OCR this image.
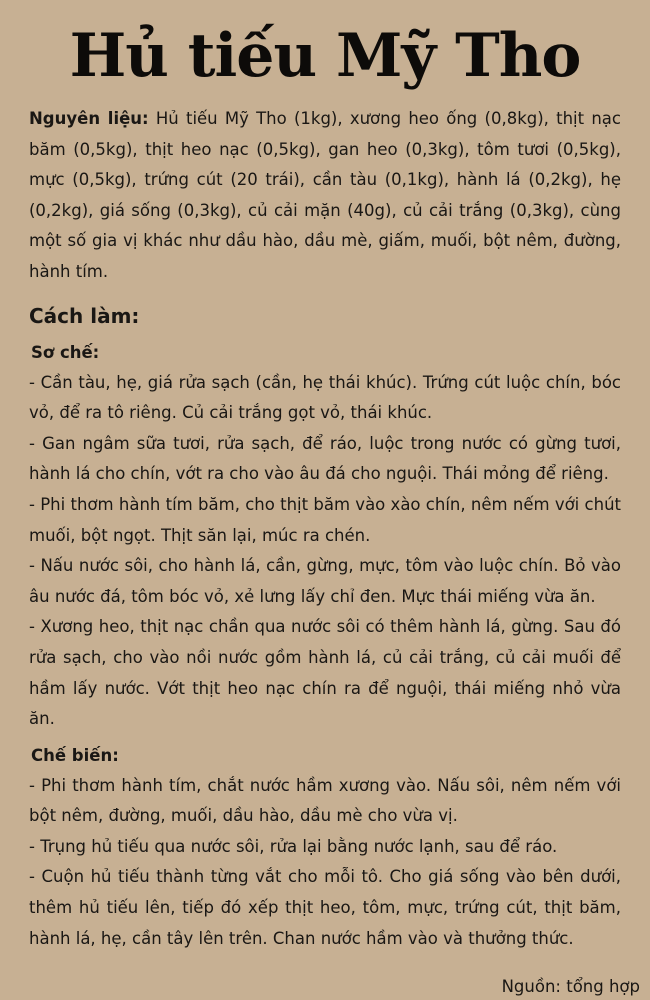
Hủ tiếu Mỹ Tho

Nguyên liệu: Hủ tiếu Mỹ Tho (1kg), xương heo ống (0,8kg), thịt nạc băm (0,5kg), thịt heo nạc (0,5kg), gan heo (0,3kg), tôm tươi (0,5kg), mực (0,5kg), trứng cút (20 trái), cần tàu (0,1kg), hành lá (0,2kg), hẹ (0,2kg), giá sống (0,3kg), củ cải mặn (40g), củ cải trắng (0,3kg), cùng một số gia vị khác như dầu hào, dầu mè, giấm, muối, bột nêm, đường, hành tím.

Cách làm:
Sơ chế:
- Cần tàu, hẹ, giá rửa sạch (cần, hẹ thái khúc). Trứng cút luộc chín, bóc vỏ, để ra tô riêng. Củ cải trắng gọt vỏ, thái khúc.
- Gan ngâm sữa tươi, rửa sạch, để ráo, luộc trong nước có gừng tươi, hành lá cho chín, vớt ra cho vào âu đá cho nguội. Thái mỏng để riêng.
- Phi thơm hành tím băm, cho thịt băm vào xào chín, nêm nếm với chút muối, bột ngọt. Thịt săn lại, múc ra chén.
- Nấu nước sôi, cho hành lá, cần, gừng, mực, tôm vào luộc chín. Bỏ vào âu nước đá, tôm bóc vỏ, xẻ lưng lấy chỉ đen. Mực thái miếng vừa ăn.
- Xương heo, thịt nạc chần qua nước sôi có thêm hành lá, gừng. Sau đó rửa sạch, cho vào nồi nước gồm hành lá, củ cải trắng, củ cải muối để hầm lấy nước. Vớt thịt heo nạc chín ra để nguội, thái miếng nhỏ vừa ăn.
Chế biến:
- Phi thơm hành tím, chắt nước hầm xương vào. Nấu sôi, nêm nếm với bột nêm, đường, muối, dầu hào, dầu mè cho vừa vị.
- Trụng hủ tiếu qua nước sôi, rửa lại bằng nước lạnh, sau để ráo.
- Cuộn hủ tiếu thành từng vắt cho mỗi tô. Cho giá sống vào bên dưới, thêm hủ tiếu lên, tiếp đó xếp thịt heo, tôm, mực, trứng cút, thịt băm, hành lá, hẹ, cần tây lên trên. Chan nước hầm vào và thưởng thức.
Nguồn: tổng hợp
